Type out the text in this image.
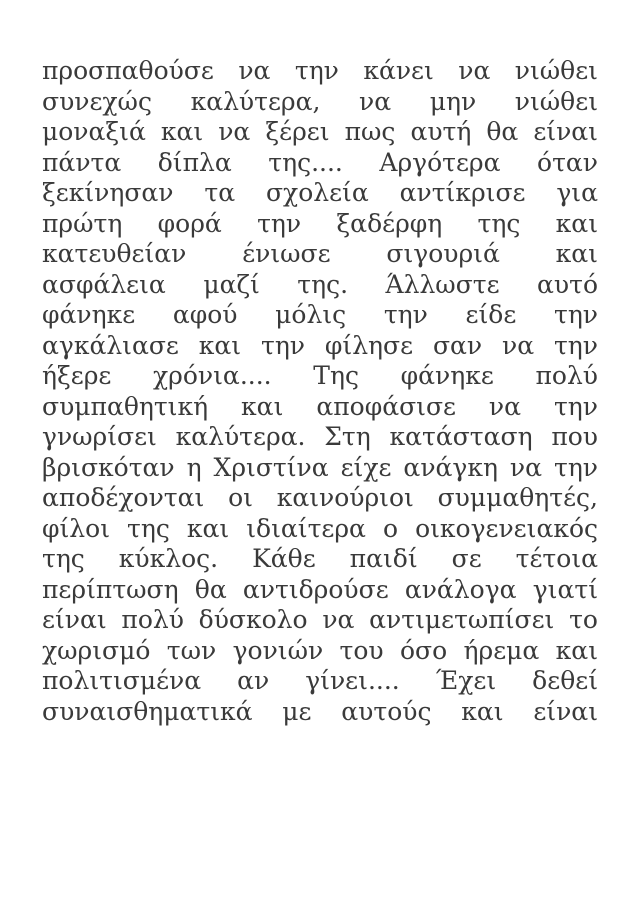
προσπαθούσε να την κάνει να νιώθει
συνεχώς καλύτερα, να μην νιώθει
μοναξιά και να ξέρει πως αυτή θα είναι
πάντα δίπλα της.... Αργότερα όταν
ξεκίνησαν τα σχολεία αντίκρισε για
πρώτη φορά την ξαδέρφη της και
κατευθείαν ένιωσε σιγουριά και
ασφάλεια μαζί της. Άλλωστε αυτό
φάνηκε αφού μόλις την είδε την
αγκάλιασε και την φίλησε σαν να την
ήξερε χρόνια.... Της φάνηκε πολύ
συμπαθητική και αποφάσισε να την
γνωρίσει καλύτερα. Στη κατάσταση που
βρισκόταν η Χριστίνα είχε ανάγκη να την
αποδέχονται οι καινούριοι συμμαθητές,
φίλοι της και ιδιαίτερα ο οικογενειακός
της κύκλος. Κάθε παιδί σε τέτοια
περίπτωση θα αντιδρούσε ανάλογα γιατί
είναι πολύ δύσκολο να αντιμετωπίσει το
χωρισμό των γονιών του όσο ήρεμα και
πολιτισμένα αν γίνει.... Έχει δεθεί
συναισθηματικά με αυτούς και είναι
